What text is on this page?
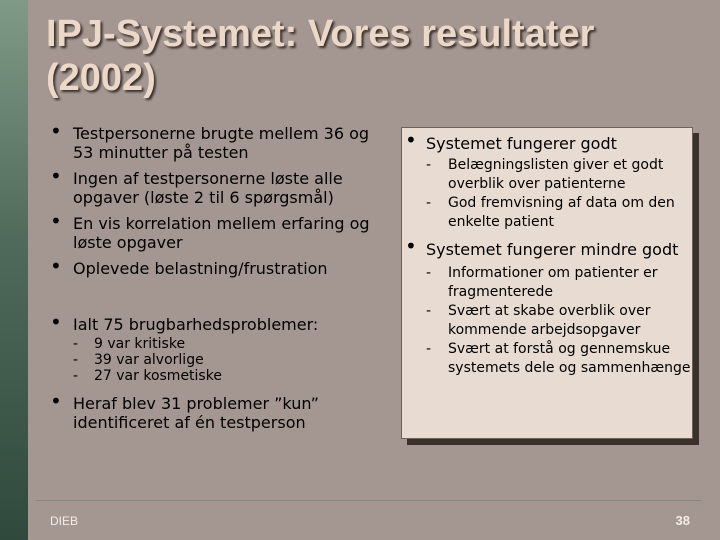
IPJ-Systemet: Vores resultater
(2002)
• Testpersonerne brugte mellem 36 og 53 minutter på testen
• Ingen af testpersonerne løste alle opgaver (løste 2 til 6 spørgsmål)
• En vis korrelation mellem erfaring og løste opgaver
• Oplevede belastning/frustration
• Ialt 75 brugbarhedsproblemer:
- 9 var kritiske
- 39 var alvorlige
- 27 var kosmetiske
• Heraf blev 31 problemer ”kun” identificeret af én testperson
• Systemet fungerer godt
- Belægningslisten giver et godt overblik over patienterne
- God fremvisning af data om den enkelte patient
• Systemet fungerer mindre godt
- Informationer om patienter er fragmenterede
- Svært at skabe overblik over kommende arbejdsopgaver
- Svært at forstå og gennemskue systemets dele og sammenhænge
DIEB	38
